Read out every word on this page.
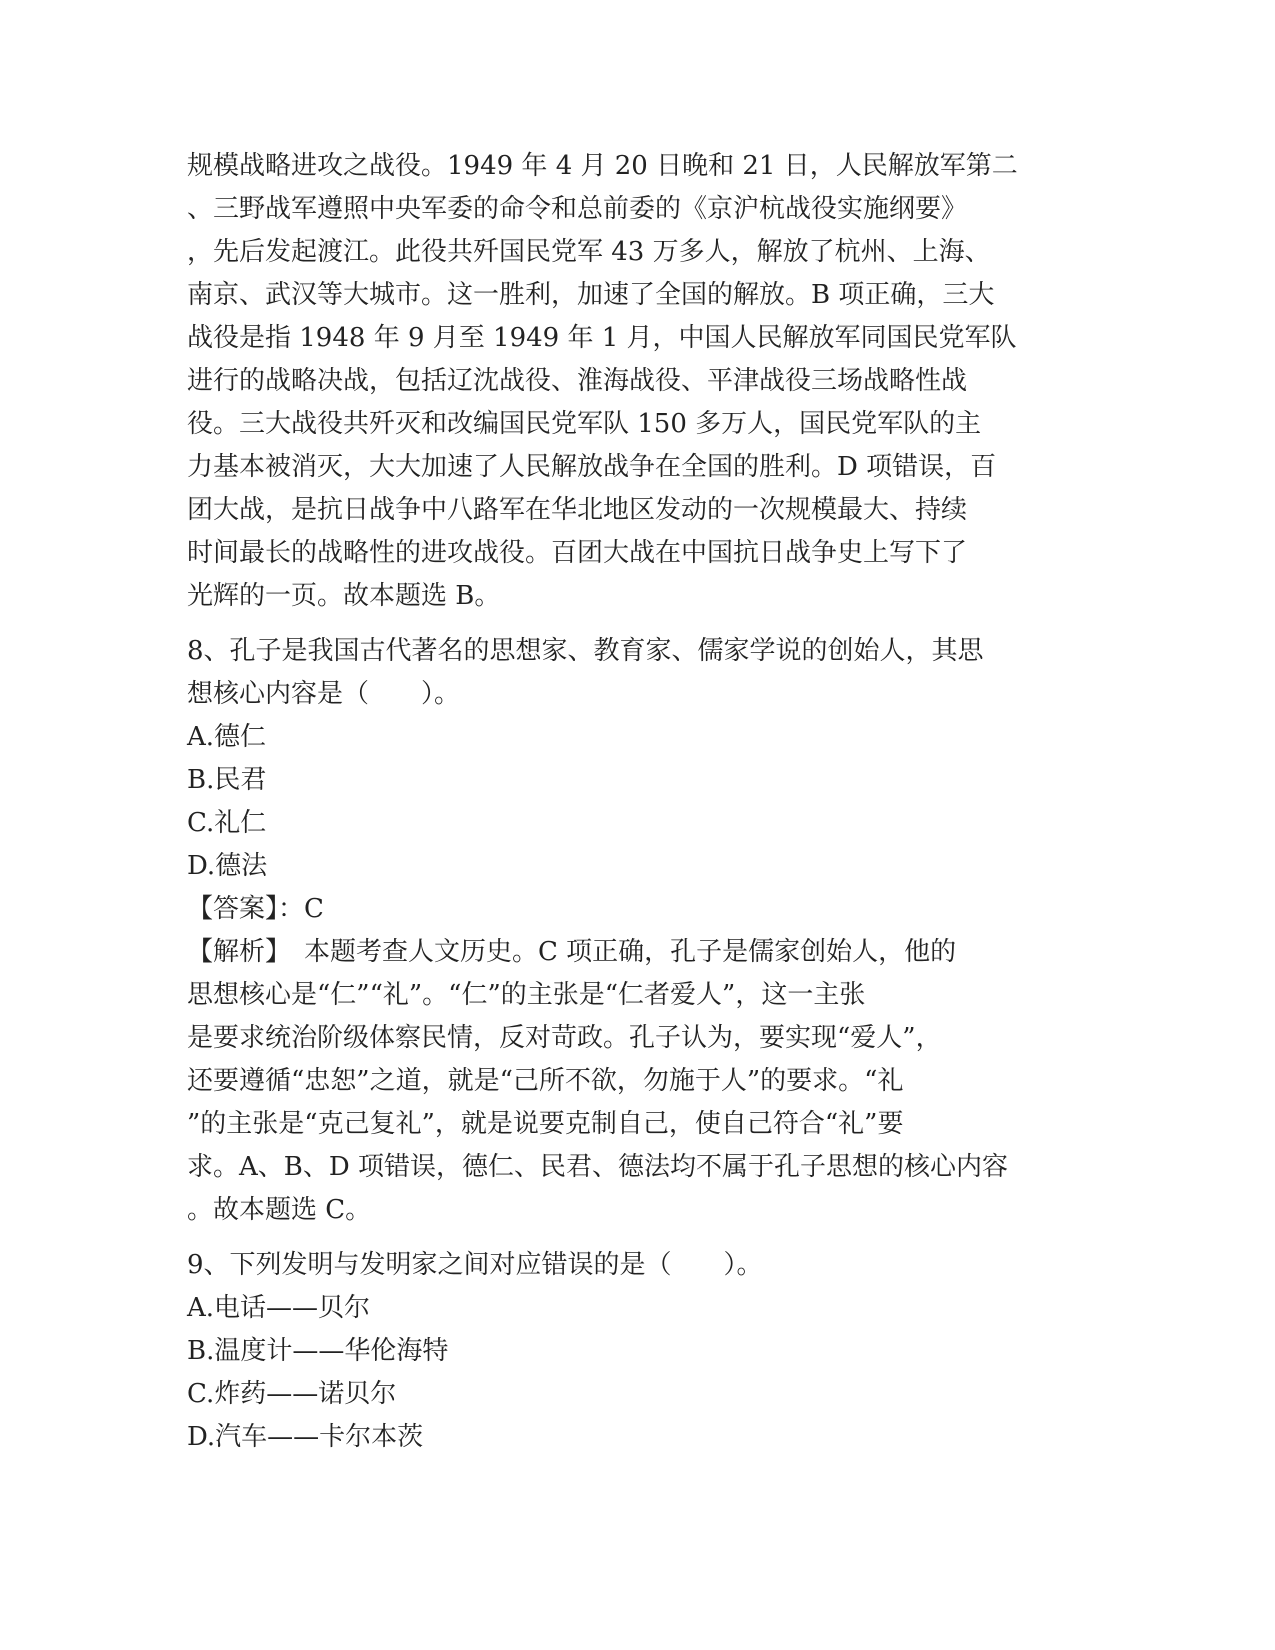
规模战略进攻之战役。1949 年 4 月 20 日晚和 21 日，人民解放军第二
、三野战军遵照中央军委的命令和总前委的《京沪杭战役实施纲要》
，先后发起渡江。此役共歼国民党军 43 万多人，解放了杭州、上海、
南京、武汉等大城市。这一胜利，加速了全国的解放。B 项正确，三大
战役是指 1948 年 9 月至 1949 年 1 月，中国人民解放军同国民党军队
进行的战略决战，包括辽沈战役、淮海战役、平津战役三场战略性战
役。三大战役共歼灭和改编国民党军队 150 多万人，国民党军队的主
力基本被消灭，大大加速了人民解放战争在全国的胜利。D 项错误，百
团大战，是抗日战争中八路军在华北地区发动的一次规模最大、持续
时间最长的战略性的进攻战役。百团大战在中国抗日战争史上写下了
光辉的一页。故本题选 B。
8、孔子是我国古代著名的思想家、教育家、儒家学说的创始人，其思
想核心内容是（　　）。
A.德仁
B.民君
C.礼仁
D.德法
【答案】：C
【解析】　本题考查人文历史。C 项正确，孔子是儒家创始人，他的
思想核心是“仁”“礼”。“仁”的主张是“仁者爱人”，这一主张
是要求统治阶级体察民情，反对苛政。孔子认为，要实现“爱人”，
还要遵循“忠恕”之道，就是“己所不欲，勿施于人”的要求。“礼
”的主张是“克己复礼”，就是说要克制自己，使自己符合“礼”要
求。A、B、D 项错误，德仁、民君、德法均不属于孔子思想的核心内容
。故本题选 C。
9、下列发明与发明家之间对应错误的是（　　）。
A.电话——贝尔
B.温度计——华伦海特
C.炸药——诺贝尔
D.汽车——卡尔本茨
